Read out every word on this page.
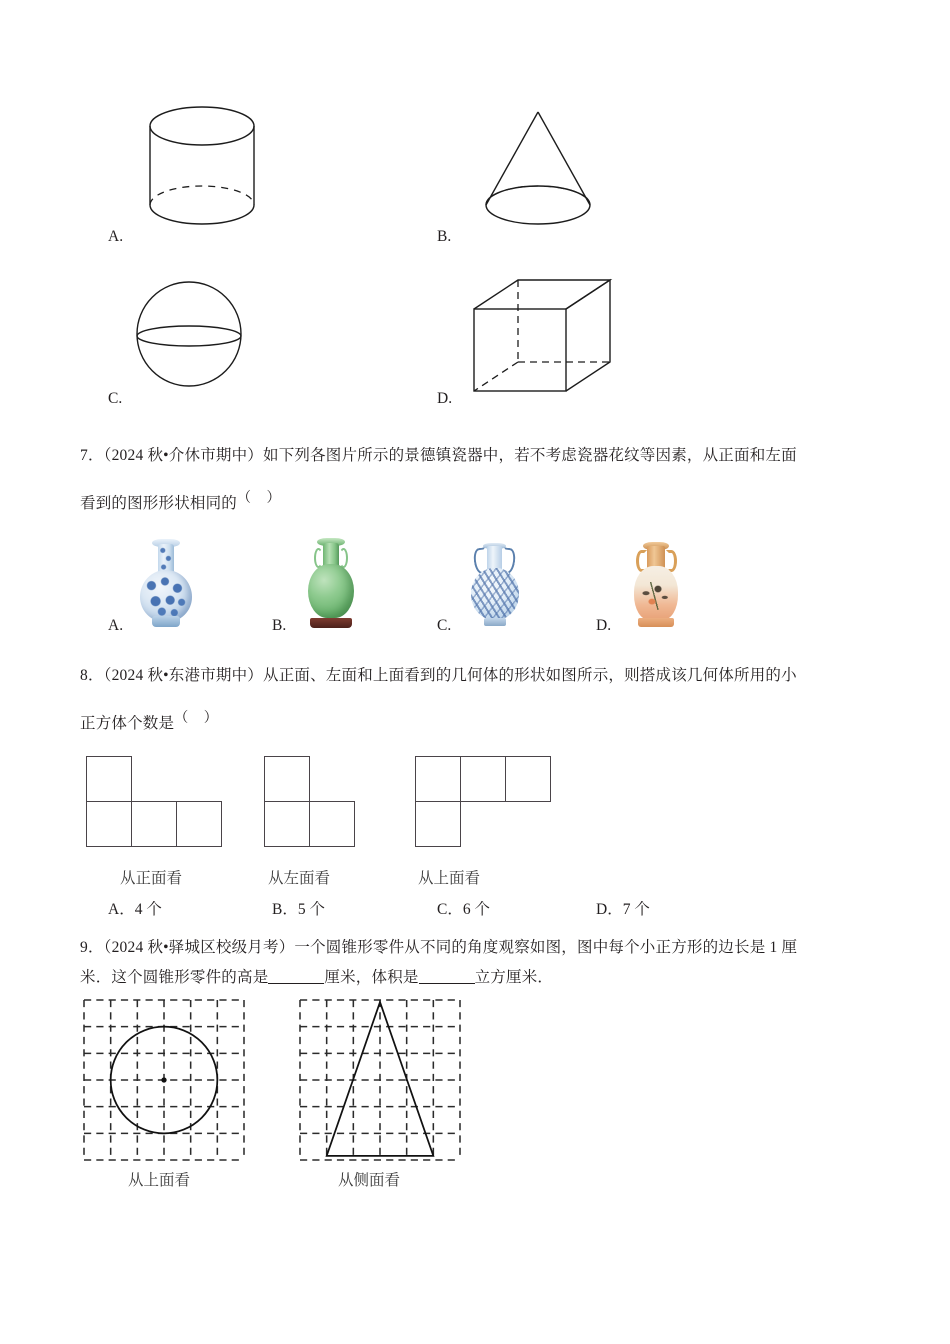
A.	B.
C.	D.
7．（2024 秋•介休市期中）如下列各图片所示的景德镇瓷器中，若不考虑瓷器花纹等因素，从正面和左面
看到的图形形状相同的（ ）
A.	B.	C.	D.
8．（2024 秋•东港市期中）从正面、左面和上面看到的几何体的形状如图所示，则搭成该几何体所用的小
正方体个数是（ ）
从正面看	从左面看	从上面看
A．4 个	B．5 个	C．6 个	D．7 个
9．（2024 秋•驿城区校级月考）一个圆锥形零件从不同的角度观察如图，图中每个小正方形的边长是 1 厘
米．这个圆锥形零件的高是	厘米，体积是	立方厘米．
从上面看	从侧面看
